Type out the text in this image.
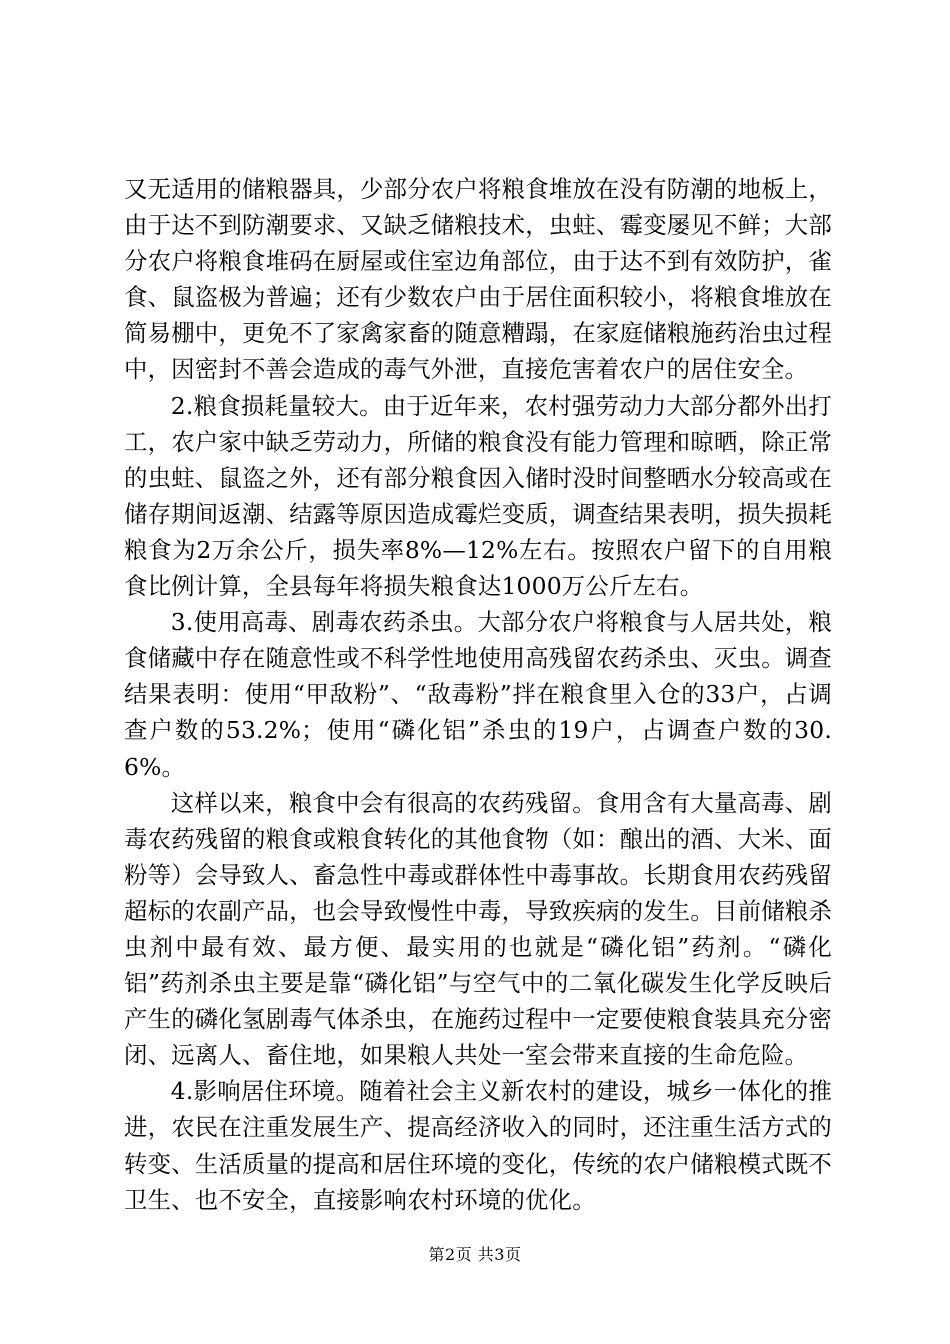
又无适用的储粮器具，少部分农户将粮食堆放在没有防潮的地板上，由于达不到防潮要求、又缺乏储粮技术，虫蛀、霉变屡见不鲜；大部分农户将粮食堆码在厨屋或住室边角部位，由于达不到有效防护，雀食、鼠盗极为普遍；还有少数农户由于居住面积较小，将粮食堆放在简易棚中，更免不了家禽家畜的随意糟蹋，在家庭储粮施药治虫过程中，因密封不善会造成的毒气外泄，直接危害着农户的居住安全。

2.粮食损耗量较大。由于近年来，农村强劳动力大部分都外出打工，农户家中缺乏劳动力，所储的粮食没有能力管理和晾晒，除正常的虫蛀、鼠盗之外，还有部分粮食因入储时没时间整晒水分较高或在储存期间返潮、结露等原因造成霉烂变质，调查结果表明，损失损耗粮食为2万余公斤，损失率8%—12%左右。按照农户留下的自用粮食比例计算，全县每年将损失粮食达1000万公斤左右。

3.使用高毒、剧毒农药杀虫。大部分农户将粮食与人居共处，粮食储藏中存在随意性或不科学性地使用高残留农药杀虫、灭虫。调查结果表明：使用“甲敌粉”、“敌毒粉”拌在粮食里入仓的33户，占调查户数的53.2%；使用“磷化铝”杀虫的19户，占调查户数的30.6%。

这样以来，粮食中会有很高的农药残留。食用含有大量高毒、剧毒农药残留的粮食或粮食转化的其他食物（如：酿出的酒、大米、面粉等）会导致人、畜急性中毒或群体性中毒事故。长期食用农药残留超标的农副产品，也会导致慢性中毒，导致疾病的发生。目前储粮杀虫剂中最有效、最方便、最实用的也就是“磷化铝”药剂。“磷化铝”药剂杀虫主要是靠“磷化铝”与空气中的二氧化碳发生化学反映后产生的磷化氢剧毒气体杀虫，在施药过程中一定要使粮食装具充分密闭、远离人、畜住地，如果粮人共处一室会带来直接的生命危险。

4.影响居住环境。随着社会主义新农村的建设，城乡一体化的推进，农民在注重发展生产、提高经济收入的同时，还注重生活方式的转变、生活质量的提高和居住环境的变化，传统的农户储粮模式既不卫生、也不安全，直接影响农村环境的优化。

第2页 共3页
